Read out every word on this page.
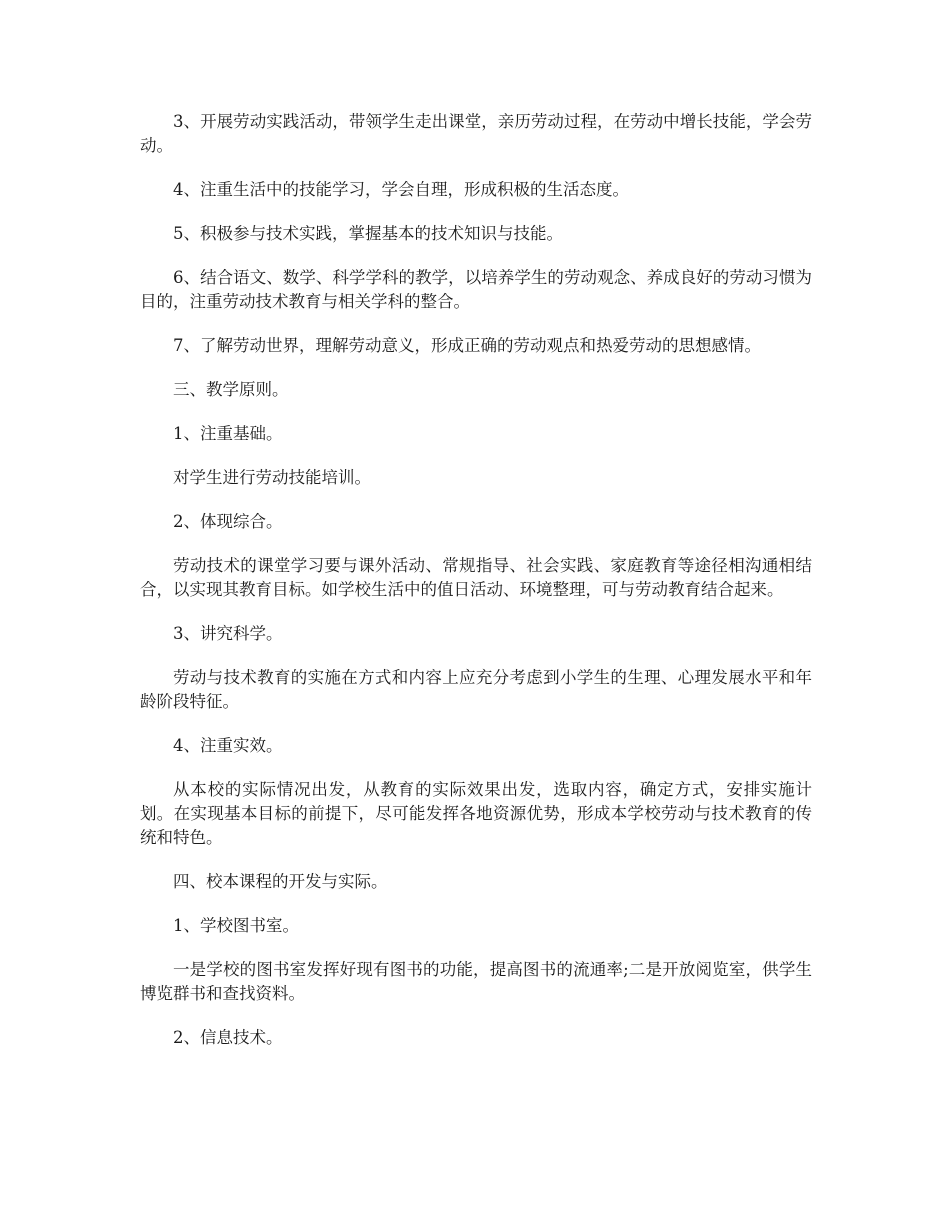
3、开展劳动实践活动，带领学生走出课堂，亲历劳动过程，在劳动中增长技能，学会劳动。

4、注重生活中的技能学习，学会自理，形成积极的生活态度。

5、积极参与技术实践，掌握基本的技术知识与技能。

6、结合语文、数学、科学学科的教学，以培养学生的劳动观念、养成良好的劳动习惯为目的，注重劳动技术教育与相关学科的整合。

7、了解劳动世界，理解劳动意义，形成正确的劳动观点和热爱劳动的思想感情。

三、教学原则。

1、注重基础。

对学生进行劳动技能培训。

2、体现综合。

劳动技术的课堂学习要与课外活动、常规指导、社会实践、家庭教育等途径相沟通相结合，以实现其教育目标。如学校生活中的值日活动、环境整理，可与劳动教育结合起来。

3、讲究科学。

劳动与技术教育的实施在方式和内容上应充分考虑到小学生的生理、心理发展水平和年龄阶段特征。

4、注重实效。

从本校的实际情况出发，从教育的实际效果出发，选取内容，确定方式，安排实施计划。在实现基本目标的前提下，尽可能发挥各地资源优势，形成本学校劳动与技术教育的传统和特色。

四、校本课程的开发与实际。

1、学校图书室。

一是学校的图书室发挥好现有图书的功能，提高图书的流通率;二是开放阅览室，供学生博览群书和查找资料。

2、信息技术。
